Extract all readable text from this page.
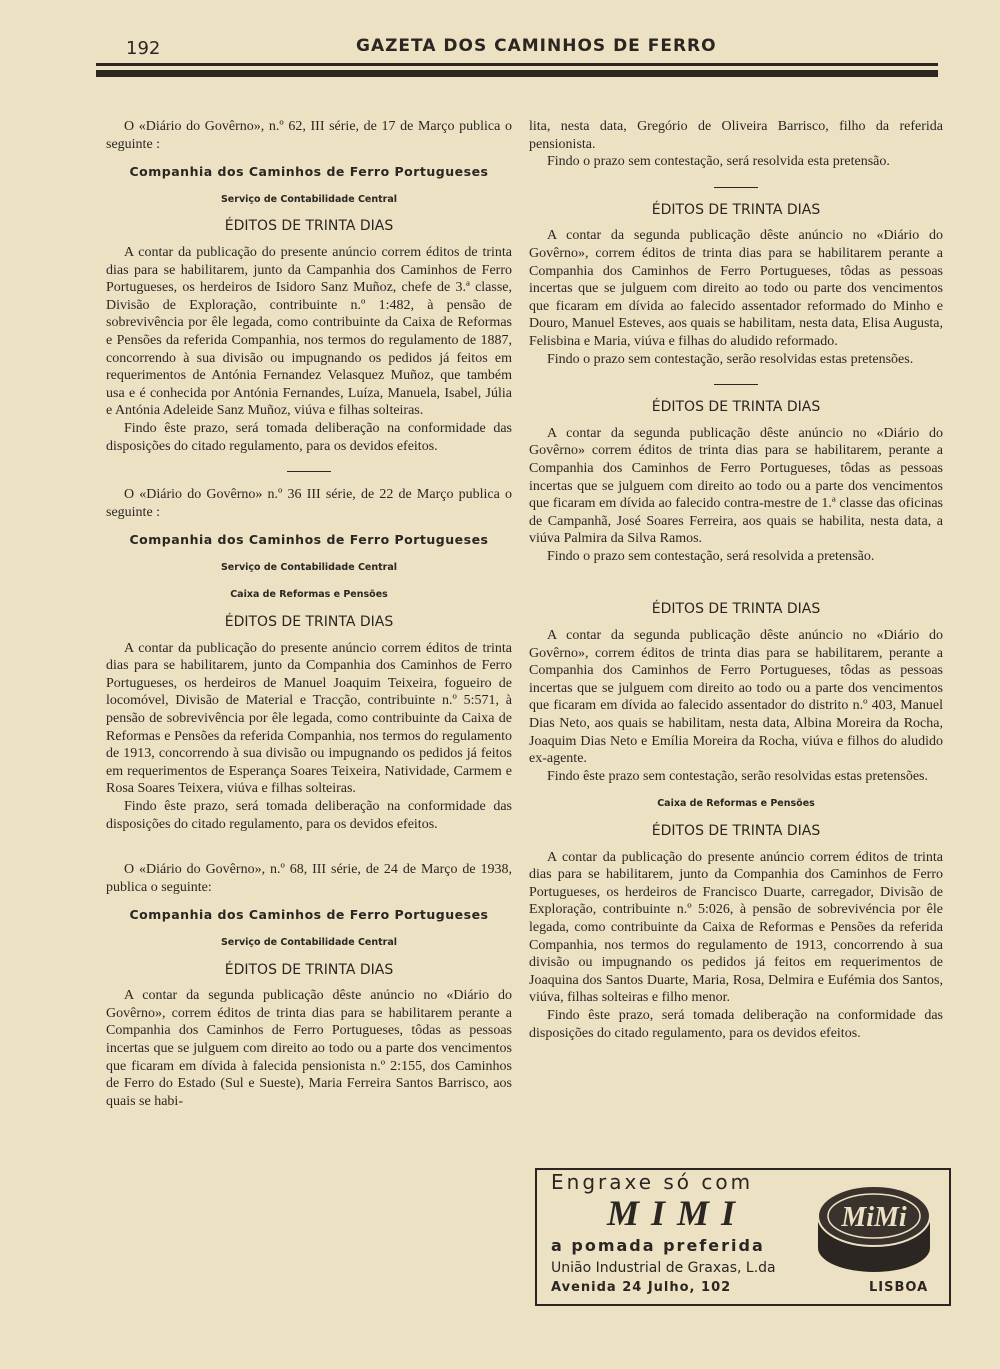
192	GAZETA DOS CAMINHOS DE FERRO

O «Diário do Govêrno», n.º 62, III série, de 17 de Março publica o seguinte :

Companhia dos Caminhos de Ferro Portugueses
Serviço de Contabilidade Central
ÉDITOS DE TRINTA DIAS

A contar da publicação do presente anúncio correm éditos de trinta dias para se habilitarem, junto da Campanhia dos Caminhos de Ferro Portugueses, os herdeiros de Isidoro Sanz Muñoz, chefe de 3.ª classe, Divisão de Exploração, contribuinte n.º 1:482, à pensão de sobrevivência por êle legada, como contribuinte da Caixa de Reformas e Pensões da referida Companhia, nos termos do regulamento de 1887, concorrendo à sua divisão ou impugnando os pedidos já feitos em requerimentos de Antónia Fernandez Velasquez Muñoz, que também usa e é conhecida por Antónia Fernandes, Luíza, Manuela, Isabel, Júlia e Antónia Adeleide Sanz Muñoz, viúva e filhas solteiras.

Findo êste prazo, será tomada deliberação na conformidade das disposições do citado regulamento, para os devidos efeitos.

O «Diário do Govêrno» n.º 36 III série, de 22 de Março publica o seguinte :

Companhia dos Caminhos de Ferro Portugueses
Serviço de Contabilidade Central
Caixa de Reformas e Pensões
ÉDITOS DE TRINTA DIAS

A contar da publicação do presente anúncio correm éditos de trinta dias para se habilitarem, junto da Companhia dos Caminhos de Ferro Portugueses, os herdeiros de Manuel Joaquim Teixeira, fogueiro de locomóvel, Divisão de Material e Tracção, contribuinte n.º 5:571, à pensão de sobrevivência por êle legada, como contribuinte da Caixa de Reformas e Pensões da referida Companhia, nos termos do regulamento de 1913, concorrendo à sua divisão ou impugnando os pedidos já feitos em requerimentos de Esperança Soares Teixeira, Natividade, Carmem e Rosa Soares Teixera, viúva e filhas solteiras.

Findo êste prazo, será tomada deliberação na conformidade das disposições do citado regulamento, para os devidos efeitos.

O «Diário do Govêrno», n.º 68, III série, de 24 de Março de 1938, publica o seguinte:

Companhia dos Caminhos de Ferro Portugueses
Serviço de Contabilidade Central
ÉDITOS DE TRINTA DIAS

A contar da segunda publicação dêste anúncio no «Diário do Govêrno», correm éditos de trinta dias para se habilitarem perante a Companhia dos Caminhos de Ferro Portugueses, tôdas as pessoas incertas que se julguem com direito ao todo ou a parte dos vencimentos que ficaram em dívida à falecida pensionista n.º 2:155, dos Caminhos de Ferro do Estado (Sul e Sueste), Maria Ferreira Santos Barrisco, aos quais se habi-

lita, nesta data, Gregório de Oliveira Barrisco, filho da referida pensionista.

Findo o prazo sem contestação, será resolvida esta pretensão.

ÉDITOS DE TRINTA DIAS

A contar da segunda publicação dêste anúncio no «Diário do Govêrno», correm éditos de trinta dias para se habilitarem perante a Companhia dos Caminhos de Ferro Portugueses, tôdas as pessoas incertas que se julguem com direito ao todo ou parte dos vencimentos que ficaram em dívida ao falecido assentador reformado do Minho e Douro, Manuel Esteves, aos quais se habilitam, nesta data, Elisa Augusta, Felisbina e Maria, viúva e filhas do aludido reformado.

Findo o prazo sem contestação, serão resolvidas estas pretensões.

ÉDITOS DE TRINTA DIAS

A contar da segunda publicação dêste anúncio no «Diário do Govêrno» correm éditos de trinta dias para se habilitarem, perante a Companhia dos Caminhos de Ferro Portugueses, tôdas as pessoas incertas que se julguem com direito ao todo ou a parte dos vencimentos que ficaram em dívida ao falecido contra-mestre de 1.ª classe das oficinas de Campanhã, José Soares Ferreira, aos quais se habilita, nesta data, a viúva Palmira da Silva Ramos.

Findo o prazo sem contestação, será resolvida a pretensão.

ÉDITOS DE TRINTA DIAS

A contar da segunda publicação dêste anúncio no «Diário do Govêrno», correm éditos de trinta dias para se habilitarem, perante a Companhia dos Caminhos de Ferro Portugueses, tôdas as pessoas incertas que se julguem com direito ao todo ou a parte dos vencimentos que ficaram em dívida ao falecido assentador do distrito n.º 403, Manuel Dias Neto, aos quais se habilitam, nesta data, Albina Moreira da Rocha, Joaquim Dias Neto e Emília Moreira da Rocha, viúva e filhos do aludido ex-agente.

Findo êste prazo sem contestação, serão resolvidas estas pretensões.

Caixa de Reformas e Pensões
ÉDITOS DE TRINTA DIAS

A contar da publicação do presente anúncio correm éditos de trinta dias para se habilitarem, junto da Companhia dos Caminhos de Ferro Portugueses, os herdeiros de Francisco Duarte, carregador, Divisão de Exploração, contribuinte n.º 5:026, à pensão de sobrevivéncia por êle legada, como contribuinte da Caixa de Reformas e Pensões da referida Companhia, nos termos do regulamento de 1913, concorrendo à sua divisão ou impugnando os pedidos já feitos em requerimentos de Joaquina dos Santos Duarte, Maria, Rosa, Delmira e Eufémia dos Santos, viúva, filhas solteiras e filho menor.

Findo êste prazo, será tomada deliberação na conformidade das disposições do citado regulamento, para os devidos efeitos.

Engraxe só com
MIMI
a pomada preferida
União Industrial de Graxas, L.da
Avenida 24 Julho, 102	LISBOA
MiMi
